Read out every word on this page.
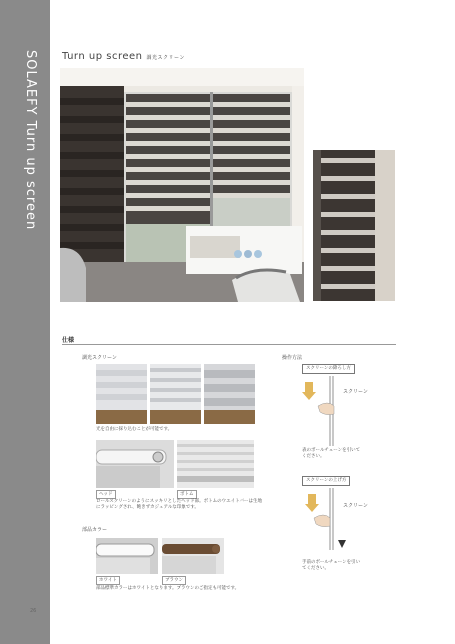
SOLAEFY Turn up screen
26
Turn up screen 調光スクリーン
仕様
調光スクリーン
光を自由に採り込むことが可能です。
ヘッド	ボトム
ロールスクリーンのようにスッキリとしたヘッド部。ボトムのウエイトバーは生地にラッピングされ、飽きずカジュアルな印象です。
部品カラー
ホワイト	ブラウン
部品標準カラーはホワイトとなります。ブラウンのご指定も可能です。
操作方法
スクリーンの降ろし方
スクリーン
表のボールチェーンを引いてください。
スクリーンの上げ方
スクリーン
手前のボールチェーンを引いてください。
